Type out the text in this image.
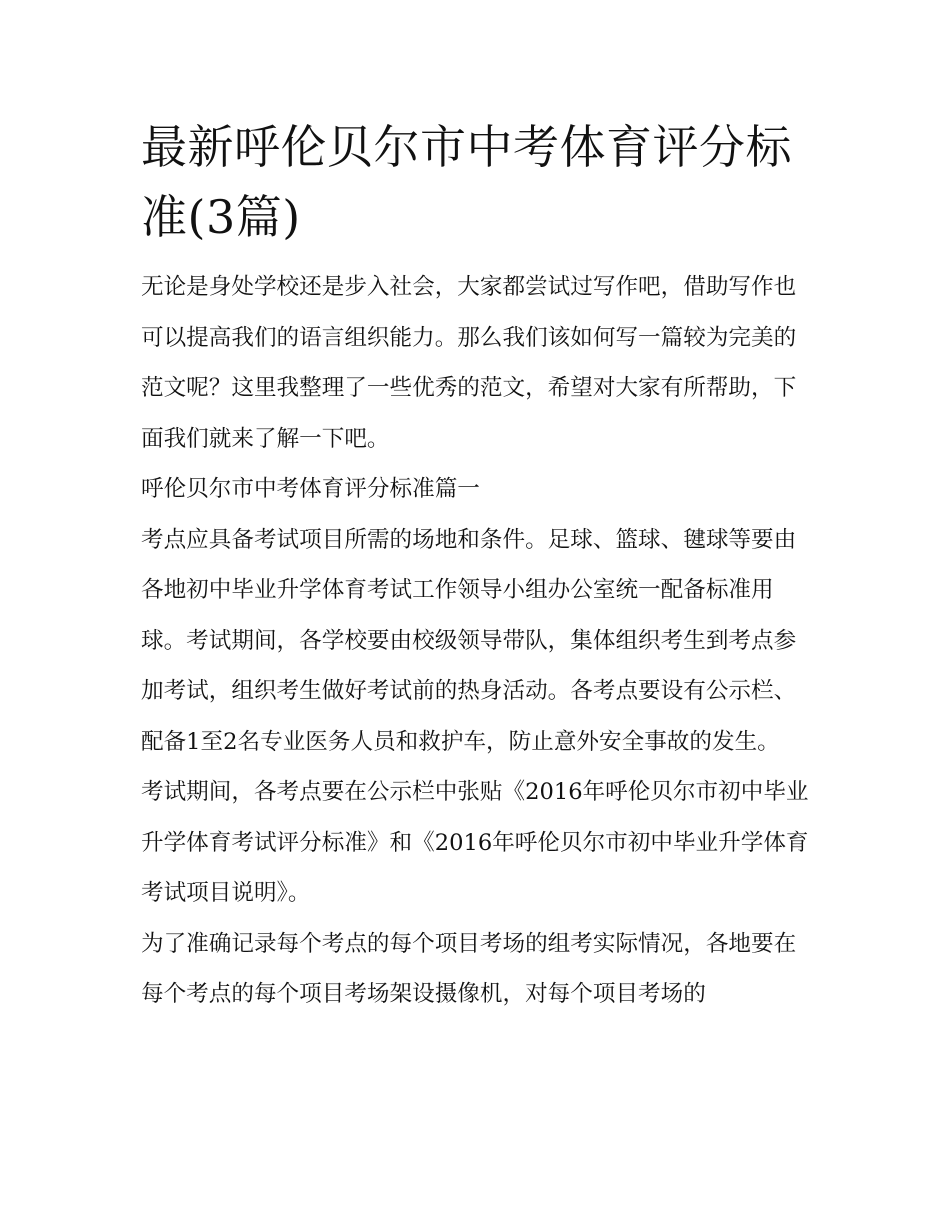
最新呼伦贝尔市中考体育评分标准(3篇)

无论是身处学校还是步入社会，大家都尝试过写作吧，借助写作也可以提高我们的语言组织能力。那么我们该如何写一篇较为完美的范文呢？这里我整理了一些优秀的范文，希望对大家有所帮助，下面我们就来了解一下吧。

呼伦贝尔市中考体育评分标准篇一

考点应具备考试项目所需的场地和条件。足球、篮球、毽球等要由各地初中毕业升学体育考试工作领导小组办公室统一配备标准用球。考试期间，各学校要由校级领导带队，集体组织考生到考点参加考试，组织考生做好考试前的热身活动。各考点要设有公示栏、配备1至2名专业医务人员和救护车，防止意外安全事故的发生。

考试期间，各考点要在公示栏中张贴《2016年呼伦贝尔市初中毕业升学体育考试评分标准》和《2016年呼伦贝尔市初中毕业升学体育考试项目说明》。

为了准确记录每个考点的每个项目考场的组考实际情况，各地要在每个考点的每个项目考场架设摄像机，对每个项目考场的
